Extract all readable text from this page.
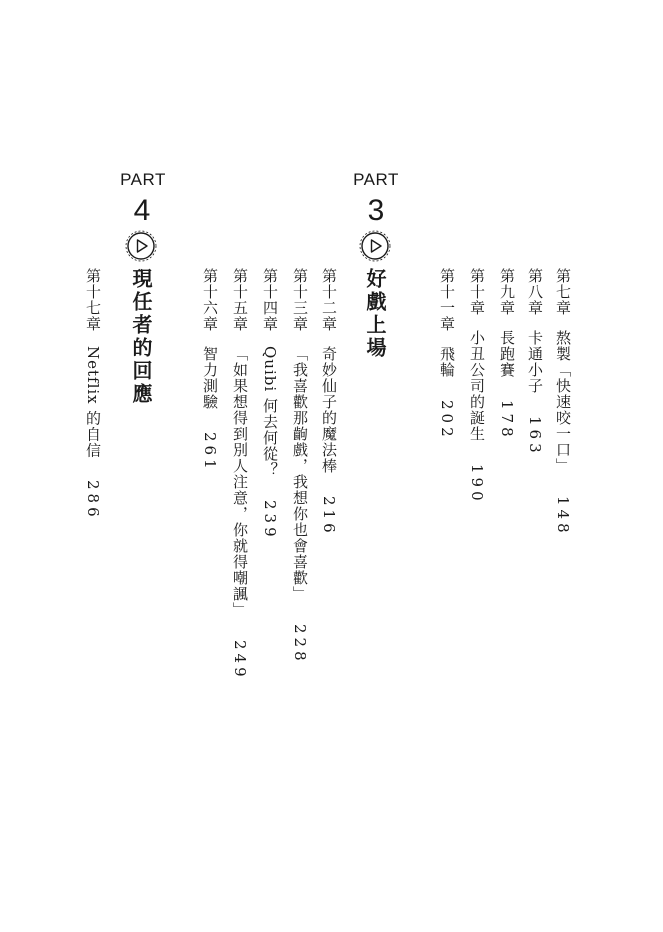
PART
3
好戲上場
PART
4
現任者的回應	第七章熬製「快速咬一口」148
第八章卡通小子163
第九章長跑賽178
第十章小丑公司的誕生190
第十一章飛輪202
第十二章奇妙仙子的魔法棒216
第十三章「我喜歡那齣戲，我想你也會喜歡」228
第十四章Quibi 何去何從？239
第十五章「如果想得到別人注意，你就得嘲諷」249
第十六章智力測驗261
第十七章Netflix 的自信286
